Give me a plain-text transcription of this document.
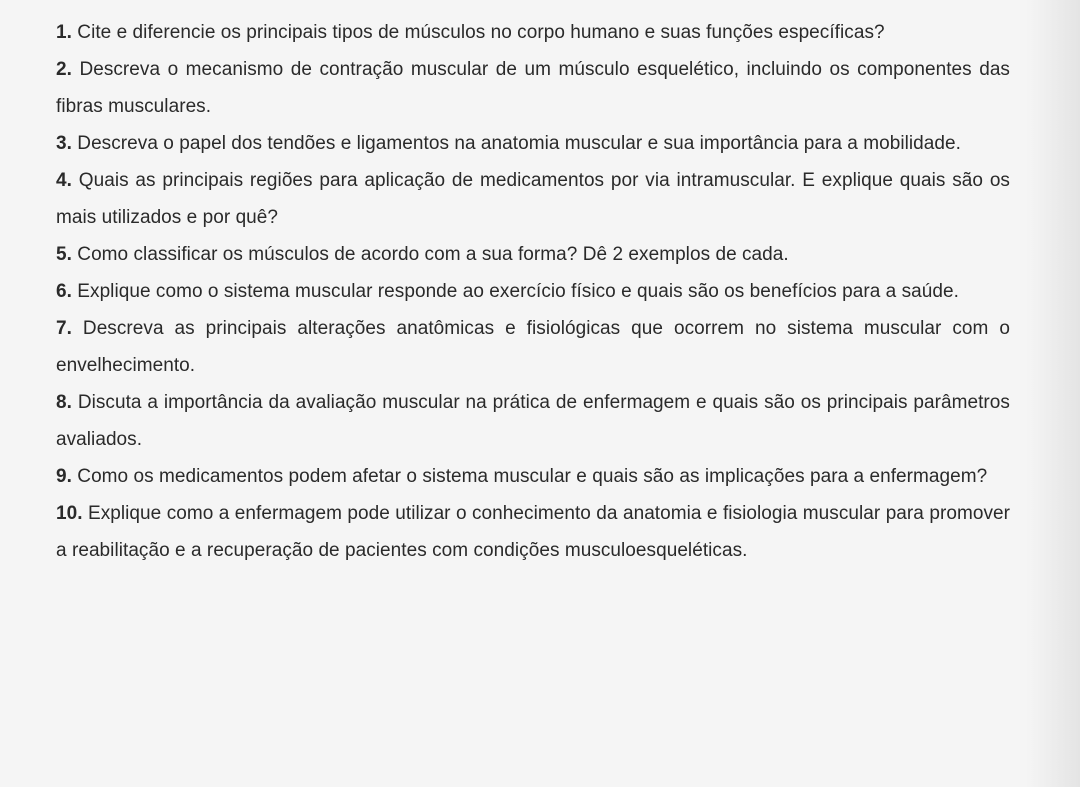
1. Cite e diferencie os principais tipos de músculos no corpo humano e suas funções específicas?

2. Descreva o mecanismo de contração muscular de um músculo esquelético, incluindo os componentes das fibras musculares.

3. Descreva o papel dos tendões e ligamentos na anatomia muscular e sua importância para a mobilidade.

4. Quais as principais regiões para aplicação de medicamentos por via intramuscular. E explique quais são os mais utilizados e por quê?

5. Como classificar os músculos de acordo com a sua forma? Dê 2 exemplos de cada.

6. Explique como o sistema muscular responde ao exercício físico e quais são os benefícios para a saúde.

7. Descreva as principais alterações anatômicas e fisiológicas que ocorrem no sistema muscular com o envelhecimento.

8. Discuta a importância da avaliação muscular na prática de enfermagem e quais são os principais parâmetros avaliados.

9. Como os medicamentos podem afetar o sistema muscular e quais são as implicações para a enfermagem?

10. Explique como a enfermagem pode utilizar o conhecimento da anatomia e fisiologia muscular para promover a reabilitação e a recuperação de pacientes com condições musculoesqueléticas.
